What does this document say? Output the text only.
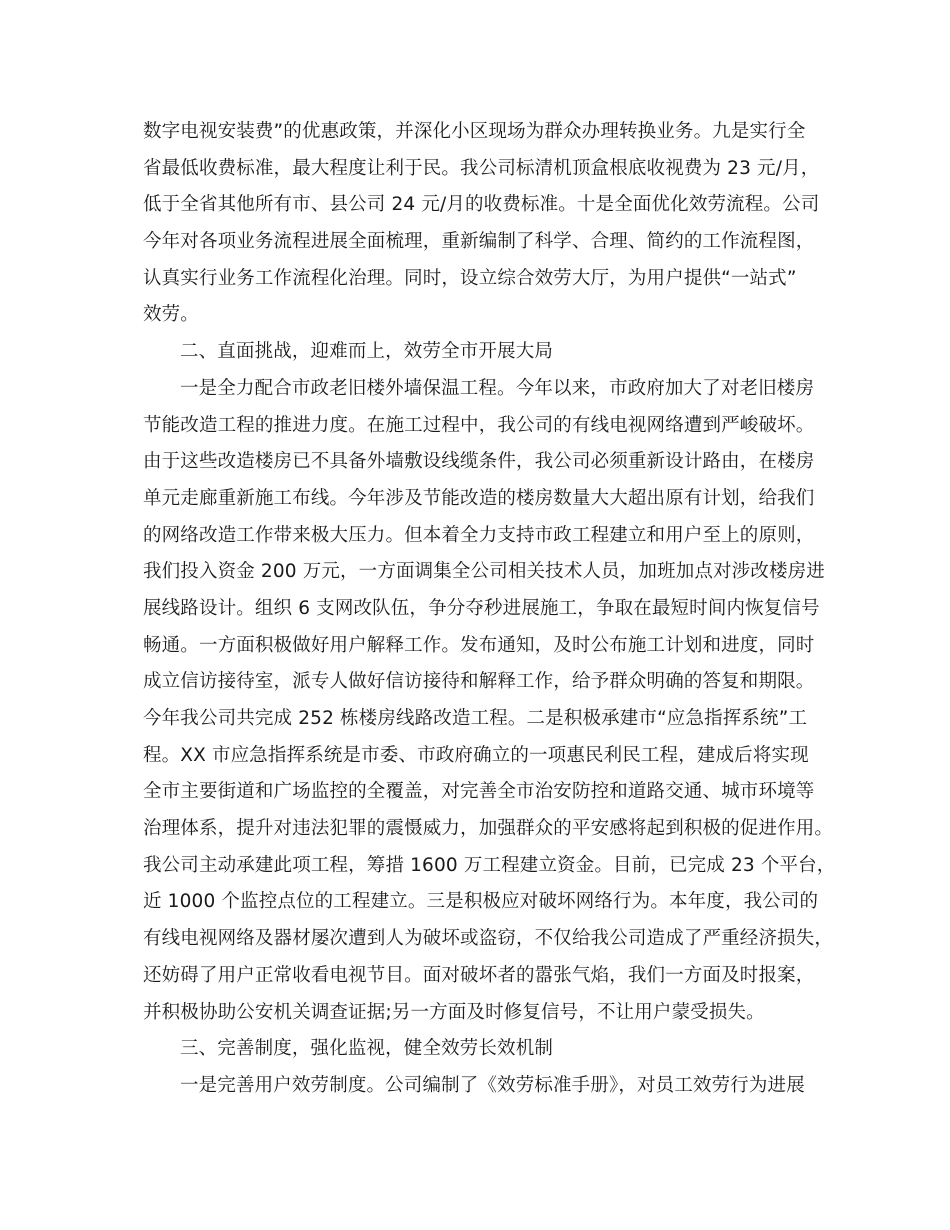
数字电视安装费”的优惠政策，并深化小区现场为群众办理转换业务。九是实行全
省最低收费标准，最大程度让利于民。我公司标清机顶盒根底收视费为 23 元/月，
低于全省其他所有市、县公司 24 元/月的收费标准。十是全面优化效劳流程。公司
今年对各项业务流程进展全面梳理，重新编制了科学、合理、简约的工作流程图，
认真实行业务工作流程化治理。同时，设立综合效劳大厅，为用户提供“一站式”
效劳。
二、直面挑战，迎难而上，效劳全市开展大局
一是全力配合市政老旧楼外墙保温工程。今年以来，市政府加大了对老旧楼房
节能改造工程的推进力度。在施工过程中，我公司的有线电视网络遭到严峻破坏。
由于这些改造楼房已不具备外墙敷设线缆条件，我公司必须重新设计路由，在楼房
单元走廊重新施工布线。今年涉及节能改造的楼房数量大大超出原有计划，给我们
的网络改造工作带来极大压力。但本着全力支持市政工程建立和用户至上的原则，
我们投入资金 200 万元，一方面调集全公司相关技术人员，加班加点对涉改楼房进
展线路设计。组织 6 支网改队伍，争分夺秒进展施工，争取在最短时间内恢复信号
畅通。一方面积极做好用户解释工作。发布通知，及时公布施工计划和进度，同时
成立信访接待室，派专人做好信访接待和解释工作，给予群众明确的答复和期限。
今年我公司共完成 252 栋楼房线路改造工程。二是积极承建市“应急指挥系统”工
程。XX 市应急指挥系统是市委、市政府确立的一项惠民利民工程，建成后将实现
全市主要街道和广场监控的全覆盖，对完善全市治安防控和道路交通、城市环境等
治理体系，提升对违法犯罪的震慑威力，加强群众的平安感将起到积极的促进作用。
我公司主动承建此项工程，筹措 1600 万工程建立资金。目前，已完成 23 个平台，
近 1000 个监控点位的工程建立。三是积极应对破坏网络行为。本年度，我公司的
有线电视网络及器材屡次遭到人为破坏或盗窃，不仅给我公司造成了严重经济损失，
还妨碍了用户正常收看电视节目。面对破坏者的嚣张气焰，我们一方面及时报案，
并积极协助公安机关调查证据;另一方面及时修复信号，不让用户蒙受损失。
三、完善制度，强化监视，健全效劳长效机制
一是完善用户效劳制度。公司编制了《效劳标准手册》，对员工效劳行为进展
